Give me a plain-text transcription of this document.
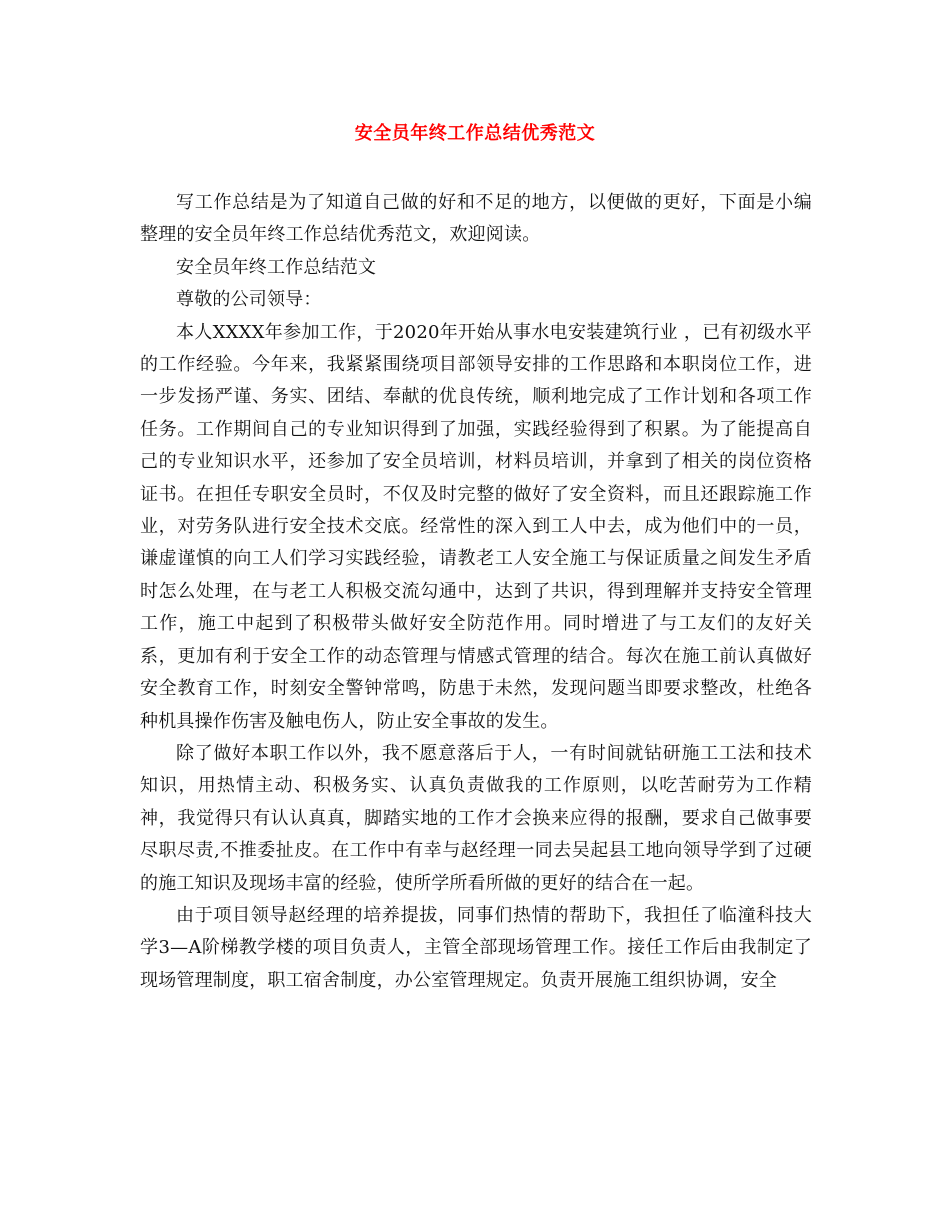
安全员年终工作总结优秀范文

写工作总结是为了知道自己做的好和不足的地方，以便做的更好，下面是小编整理的安全员年终工作总结优秀范文，欢迎阅读。

安全员年终工作总结范文

尊敬的公司领导：

本人XXXX年参加工作，于2020年开始从事水电安装建筑行业 ，已有初级水平的工作经验。今年来，我紧紧围绕项目部领导安排的工作思路和本职岗位工作，进一步发扬严谨、务实、团结、奉献的优良传统，顺利地完成了工作计划和各项工作任务。工作期间自己的专业知识得到了加强，实践经验得到了积累。为了能提高自己的专业知识水平，还参加了安全员培训，材料员培训，并拿到了相关的岗位资格证书。在担任专职安全员时，不仅及时完整的做好了安全资料，而且还跟踪施工作业，对劳务队进行安全技术交底。经常性的深入到工人中去，成为他们中的一员，谦虚谨慎的向工人们学习实践经验，请教老工人安全施工与保证质量之间发生矛盾时怎么处理，在与老工人积极交流勾通中，达到了共识，得到理解并支持安全管理工作，施工中起到了积极带头做好安全防范作用。同时增进了与工友们的友好关系，更加有利于安全工作的动态管理与情感式管理的结合。每次在施工前认真做好安全教育工作，时刻安全警钟常鸣，防患于未然，发现问题当即要求整改，杜绝各种机具操作伤害及触电伤人，防止安全事故的发生。

除了做好本职工作以外，我不愿意落后于人，一有时间就钻研施工工法和技术知识，用热情主动、积极务实、认真负责做我的工作原则，以吃苦耐劳为工作精神，我觉得只有认认真真，脚踏实地的工作才会换来应得的报酬，要求自己做事要尽职尽责,不推委扯皮。在工作中有幸与赵经理一同去吴起县工地向领导学到了过硬的施工知识及现场丰富的经验，使所学所看所做的更好的结合在一起。

由于项目领导赵经理的培养提拔，同事们热情的帮助下，我担任了临潼科技大学3—A阶梯教学楼的项目负责人，主管全部现场管理工作。接任工作后由我制定了现场管理制度，职工宿舍制度，办公室管理规定。负责开展施工组织协调，安全
